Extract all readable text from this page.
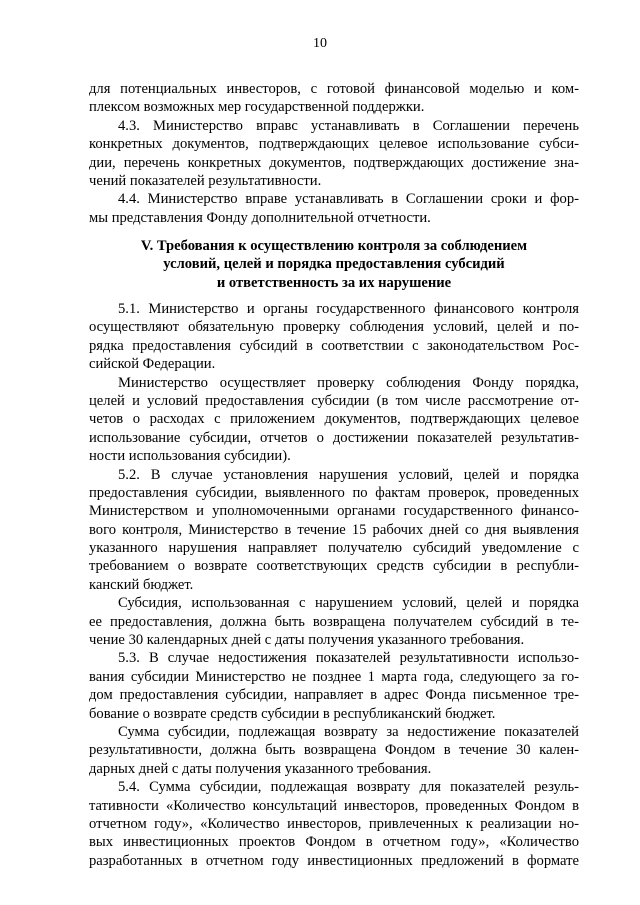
10
для потенциальных инвесторов, с готовой финансовой моделью и ком-
плексом возможных мер государственной поддержки.
4.3. Министерство вправс устанавливать в Соглашении перечень
конкретных документов, подтверждающих целевое использование субси-
дии, перечень конкретных документов, подтверждающих достижение зна-
чений показателей результативности.
4.4. Министерство вправе устанавливать в Соглашении сроки и фор-
мы представления Фонду дополнительной отчетности.
V. Требования к осуществлению контроля за соблюдением
условий, целей и порядка предоставления субсидий
и ответственность за их нарушение
5.1. Министерство и органы государственного финансового контроля
осуществляют обязательную проверку соблюдения условий, целей и по-
рядка предоставления субсидий в соответствии с законодательством Рос-
сийской Федерации.
Министерство осуществляет проверку соблюдения Фонду порядка,
целей и условий предоставления субсидии (в том числе рассмотрение от-
четов о расходах с приложением документов, подтверждающих целевое
использование субсидии, отчетов о достижении показателей результатив-
ности использования субсидии).
5.2. В случае установления нарушения условий, целей и порядка
предоставления субсидии, выявленного по фактам проверок, проведенных
Министерством и уполномоченными органами государственного финансо-
вого контроля, Министерство в течение 15 рабочих дней со дня выявления
указанного нарушения направляет получателю субсидий уведомление с
требованием о возврате соответствующих средств субсидии в республи-
канский бюджет.
Субсидия, использованная с нарушением условий, целей и порядка
ее предоставления, должна быть возвращена получателем субсидий в те-
чение 30 календарных дней с даты получения указанного требования.
5.3. В случае недостижения показателей результативности использо-
вания субсидии Министерство не позднее 1 марта года, следующего за го-
дом предоставления субсидии, направляет в адрес Фонда письменное тре-
бование о возврате средств субсидии в республиканский бюджет.
Сумма субсидии, подлежащая возврату за недостижение показателей
результативности, должна быть возвращена Фондом в течение 30 кален-
дарных дней с даты получения указанного требования.
5.4. Сумма субсидии, подлежащая возврату для показателей резуль-
тативности «Количество консультаций инвесторов, проведенных Фондом в
отчетном году», «Количество инвесторов, привлеченных к реализации но-
вых инвестиционных проектов Фондом в отчетном году», «Количество
разработанных в отчетном году инвестиционных предложений в формате
